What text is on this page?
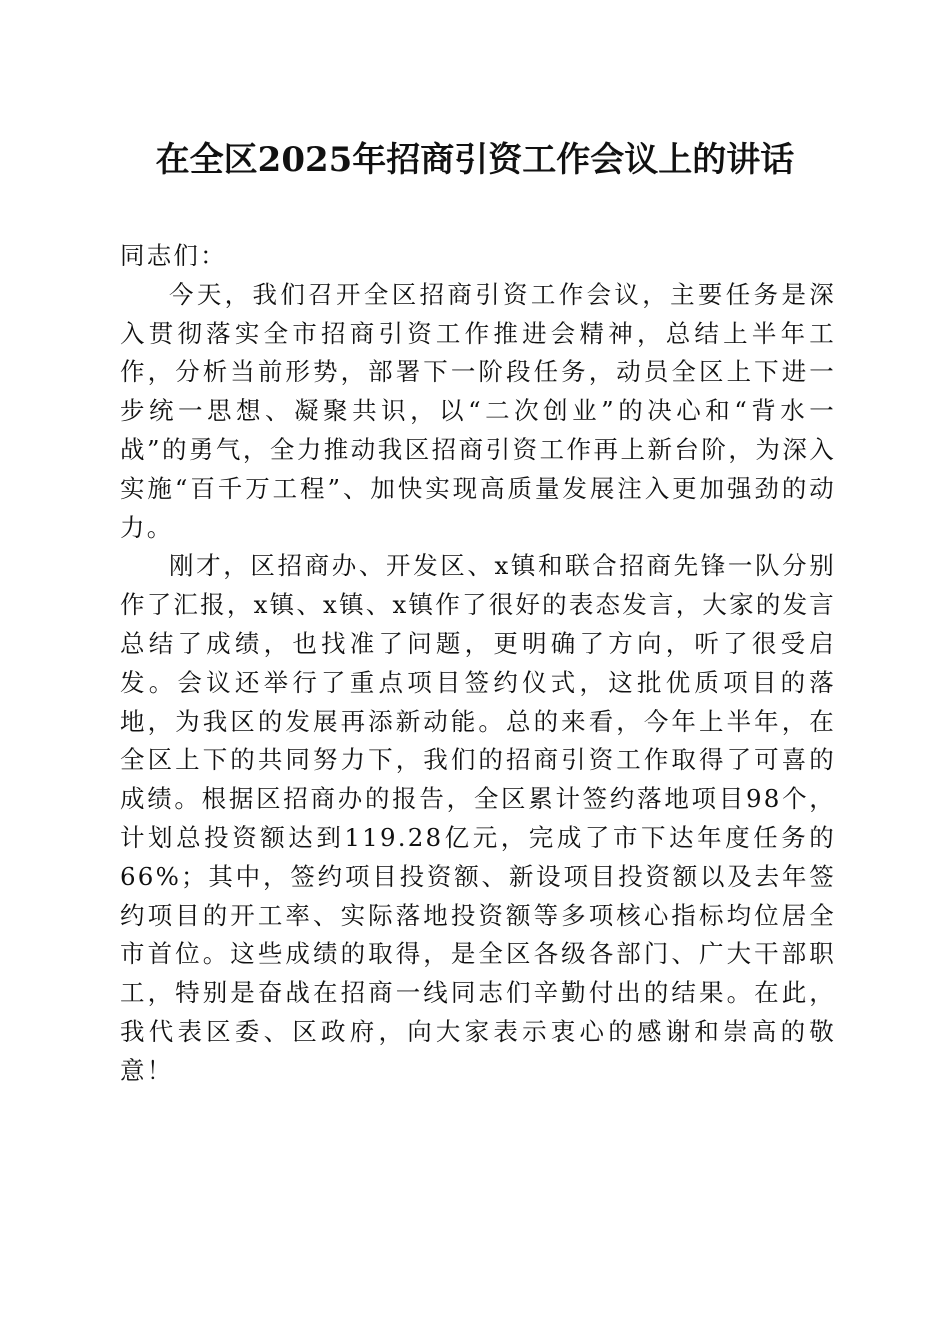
在全区2025年招商引资工作会议上的讲话

同志们：

今天，我们召开全区招商引资工作会议，主要任务是深入贯彻落实全市招商引资工作推进会精神，总结上半年工作，分析当前形势，部署下一阶段任务，动员全区上下进一步统一思想、凝聚共识，以“二次创业”的决心和“背水一战”的勇气，全力推动我区招商引资工作再上新台阶，为深入实施“百千万工程”、加快实现高质量发展注入更加强劲的动力。

刚才，区招商办、开发区、x镇和联合招商先锋一队分别作了汇报，x镇、x镇、x镇作了很好的表态发言，大家的发言总结了成绩，也找准了问题，更明确了方向，听了很受启发。会议还举行了重点项目签约仪式，这批优质项目的落地，为我区的发展再添新动能。总的来看，今年上半年，在全区上下的共同努力下，我们的招商引资工作取得了可喜的成绩。根据区招商办的报告，全区累计签约落地项目98个，计划总投资额达到119.28亿元，完成了市下达年度任务的66%；其中，签约项目投资额、新设项目投资额以及去年签约项目的开工率、实际落地投资额等多项核心指标均位居全市首位。这些成绩的取得，是全区各级各部门、广大干部职工，特别是奋战在招商一线同志们辛勤付出的结果。在此，我代表区委、区政府，向大家表示衷心的感谢和崇高的敬意！
